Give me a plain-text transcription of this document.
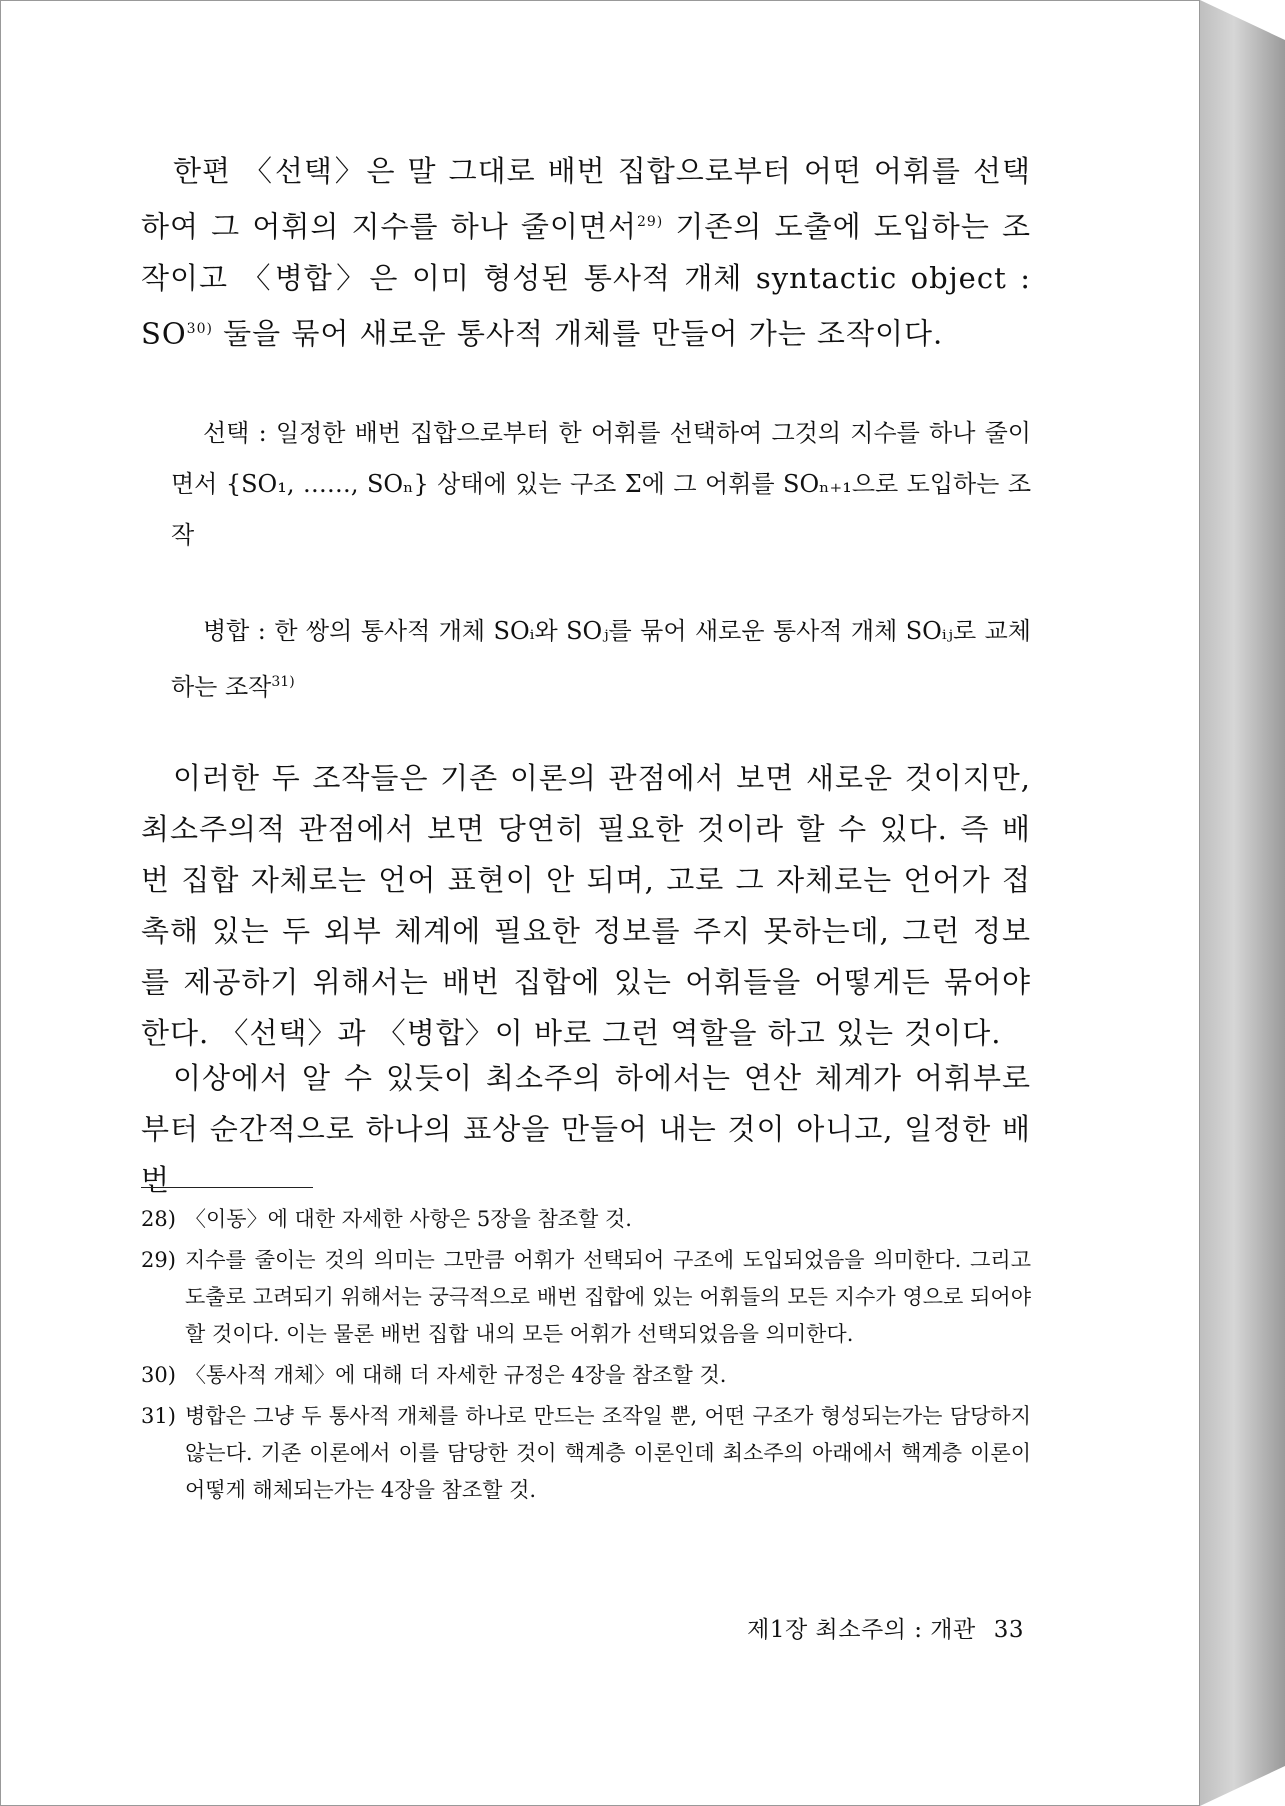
한편 〈선택〉은 말 그대로 배번 집합으로부터 어떤 어휘를 선택하여 그 어휘의 지수를 하나 줄이면서$^{29)}$ 기존의 도출에 도입하는 조작이고 〈병합〉은 이미 형성된 통사적 개체 syntactic object : SO$^{30)}$ 둘을 묶어 새로운 통사적 개체를 만들어 가는 조작이다.
선택 : 일정한 배번 집합으로부터 한 어휘를 선택하여 그것의 지수를 하나 줄이면서 {SO₁, ……, SOₙ} 상태에 있는 구조 Σ에 그 어휘를 SOₙ₊₁으로 도입하는 조작
병합 : 한 쌍의 통사적 개체 SOᵢ와 SOⱼ를 묶어 새로운 통사적 개체 SOᵢⱼ로 교체하는 조작$^{31)}$
이러한 두 조작들은 기존 이론의 관점에서 보면 새로운 것이지만, 최소주의적 관점에서 보면 당연히 필요한 것이라 할 수 있다. 즉 배번 집합 자체로는 언어 표현이 안 되며, 고로 그 자체로는 언어가 접촉해 있는 두 외부 체계에 필요한 정보를 주지 못하는데, 그런 정보를 제공하기 위해서는 배번 집합에 있는 어휘들을 어떻게든 묶어야 한다. 〈선택〉과 〈병합〉이 바로 그런 역할을 하고 있는 것이다.
이상에서 알 수 있듯이 최소주의 하에서는 연산 체계가 어휘부로부터 순간적으로 하나의 표상을 만들어 내는 것이 아니고, 일정한 배번
28) 〈이동〉에 대한 자세한 사항은 5장을 참조할 것.
29) 지수를 줄이는 것의 의미는 그만큼 어휘가 선택되어 구조에 도입되었음을 의미한다. 그리고 도출로 고려되기 위해서는 궁극적으로 배번 집합에 있는 어휘들의 모든 지수가 영으로 되어야 할 것이다. 이는 물론 배번 집합 내의 모든 어휘가 선택되었음을 의미한다.
30) 〈통사적 개체〉에 대해 더 자세한 규정은 4장을 참조할 것.
31) 병합은 그냥 두 통사적 개체를 하나로 만드는 조작일 뿐, 어떤 구조가 형성되는가는 담당하지 않는다. 기존 이론에서 이를 담당한 것이 핵계층 이론인데 최소주의 아래에서 핵계층 이론이 어떻게 해체되는가는 4장을 참조할 것.
제1장 최소주의 : 개관 33
